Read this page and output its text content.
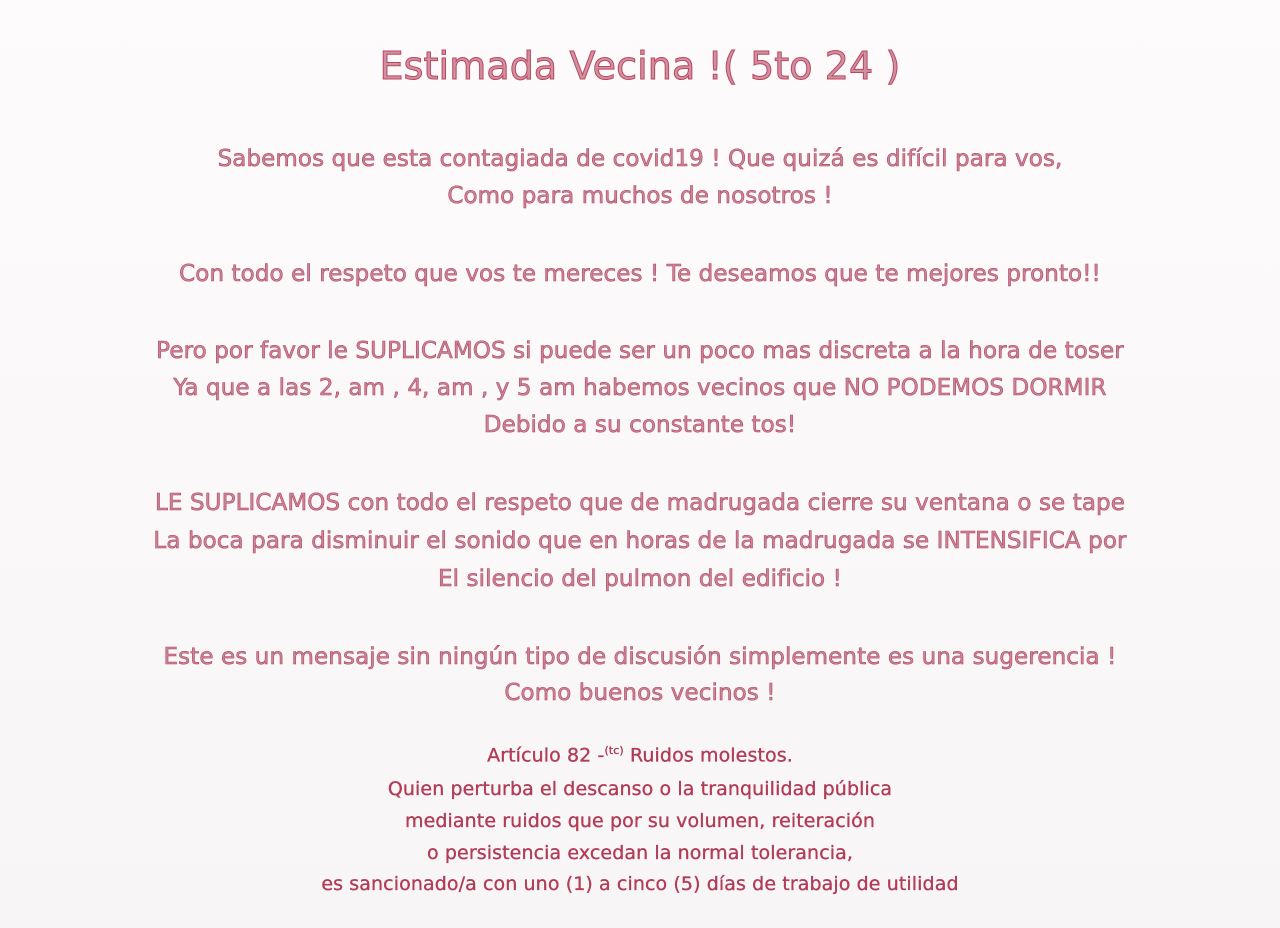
Estimada Vecina !( 5to 24 )
Sabemos que esta contagiada de covid19 ! Que quizá es difícil para vos,
Como para muchos de nosotros !
Con todo el respeto que vos te mereces ! Te deseamos que te mejores pronto!!
Pero por favor le SUPLICAMOS si puede ser un poco mas discreta a la hora de toser
Ya que a las 2, am , 4, am , y 5 am habemos vecinos que NO PODEMOS DORMIR
Debido a su constante tos!
LE SUPLICAMOS con todo el respeto que de madrugada cierre su ventana o se tape
La boca para disminuir el sonido que en horas de la madrugada se INTENSIFICA por
El silencio del pulmon del edificio !
Este es un mensaje sin ningún tipo de discusión simplemente es una sugerencia !
Como buenos vecinos !
Artículo 82 -$^{(tc)}$ Ruidos molestos.
Quien perturba el descanso o la tranquilidad pública
mediante ruidos que por su volumen, reiteración
o persistencia excedan la normal tolerancia,
es sancionado/a con uno (1) a cinco (5) días de trabajo de utilidad
